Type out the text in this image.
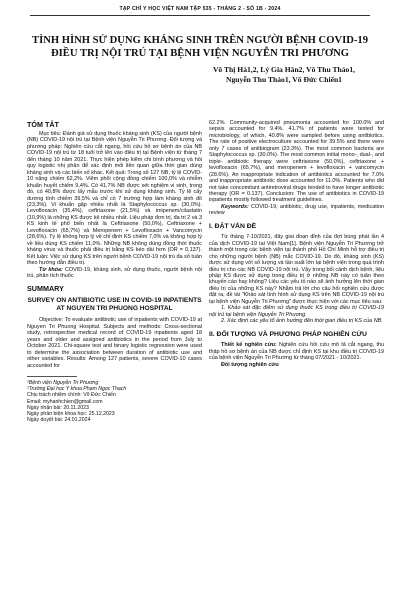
TẠP CHÍ Y HỌC VIỆT NAM TẬP 535 - THÁNG 2 - SỐ 1B - 2024
TÌNH HÌNH SỬ DỤNG KHÁNG SINH TRÊN NGƯỜI BỆNH COVID-19
ĐIỀU TRỊ NỘI TRÚ TẠI BỆNH VIỆN NGUYỄN TRI PHƯƠNG
Võ Thị Hà1,2, Lý Gia Hân2, Võ Thu Thảo1,
Nguyễn Thu Thảo1, Võ Đức Chiến1
TÓM TẮT

Mục tiêu: Đánh giá sử dụng thuốc kháng sinh (KS) của người bệnh (NB) COVID-19 nội trú tại Bệnh viện Nguyễn Tri Phương. Đối tượng và phương pháp: Nghiên cứu cắt ngang, hồi cứu hồ sơ bệnh án của NB COVID-19 nội trú từ 18 tuổi trở lên vào điều trị tại Bệnh viện từ tháng 7 đến tháng 10 năm 2021. Thực hiện phép kiểm chi bình phương và hồi quy logistic nhị phân để xác định mối liên quan giữa thời gian dùng kháng sinh và các biến số khác. Kết quả: Trong số 127 NB, tỷ lệ COVID-10 nặng chiếm 62,2%. Viêm phổi cộng đồng chiếm 100,0% và nhiễm khuẩn huyết chiếm 9,4%. Có 41,7% NB được xét nghiệm vi sinh, trong đó, có 40,8% được lấy mẫu trước khi sử dụng kháng sinh. Tỷ lệ cấy dương tính chiếm 39,5% và chỉ có 7 trường hợp làm kháng sinh đồ (23,3%). Vi khuẩn gặp nhiều nhất là Staphylococcus sp. (30,0%). Levofloxacin (35,4%), ceftriaxone (21,5%) và imipenem/cilastatin (10,9%) là những KS được kê nhiều nhất. Liệu pháp đơn trị, đa trị 2 và 3 KS kinh tế phổ biến nhất là Ceftriaxone (50,0%), Ceftriaxone + Levofloxacin (65,7%) và Meropenem + Levofloxacin + Vancomycin (28,6%). Tỷ lệ không hợp lý về chỉ định KS chiếm 7,0% và không hợp lý về liều dùng KS chiếm 11,0%. Những NB không dùng đồng thời thuốc kháng virus và thuốc phải điều trị bằng KS kéo dài hơn (OR = 0,137). Kết luận: Việc sử dụng KS trên người bệnh COVID-19 nội trú đa số tuân theo hướng dẫn điều trị.

Từ khóa: COVID-19, kháng sinh, sử dụng thuốc, người bệnh nội trú, phân tích thuốc

SUMMARY
SURVEY ON ANTIBIOTIC USE IN COVID-19 INPATIENTS AT NGUYEN TRI PHUONG HOSPITAL

Objective: To evaluate antibiotic use of inpatients with COVID-19 at Nguyen Tri Phuong Hospital. Subjects and methods: Cross-sectional study, retrospective medical record of COVID-19 inpatients aged 18 years and older and assigned antibiotics in the period from July to October 2021. Chi-square test and binary logistic regression were used to determine the association between duration of antibiotic use and other variables. Results: Among 127 patients, severe COVID-10 cases accounted for

¹Bệnh viện Nguyễn Tri Phương
²Trường Đại học Y khoa Phạm Ngọc Thạch
Chịu trách nhiệm chính: Võ Đức Chiến
Email: myhanhchien@gmail.com
Ngày nhận bài: 20.11.2023
Ngày phản biện khoa học: 25.12.2023
Ngày duyệt bài: 24.01.2024

62.2%. Community-acquired pneumonia accounted for 100.0% and sepsis accounted for 9.4%. 41.7% of patients were tested for microbiology, of which, 40.8% were sampled before using antibiotics. The rate of positive electroculture accounted for 39.5% and there were only 7 cases of antibiogram (23.3%). The most common bacteria are Staphylococcus sp. (30.0%). The most common initial mono-, dual-, and triple- antibiotic therapy were ceftriaxone (50.0%), ceftriaxone + levofloxacin (65.7%), and meropenem + levofloxacin + vancomycin (28.6%). An inappropriate indication of antibiotics accounted for 7.0% and inappropriate antibiotic dose accounted for 11.0%. Patients who did not take concomitant antiretroviral drugs tended to have longer antibiotic therapy (OR = 0.137). Conclusion: The use of antibiotics in COVID-19 inpatients mostly followed treatment guidelines.

Keywords: COVID-19, antibiotic, drug use, inpatients, medication review

I. ĐẶT VẤN ĐỀ

Từ tháng 7-10/2021, đây giai đoạn đỉnh của đợt bùng phát lần 4 của dịch COVID-19 tại Việt Nam[1]. Bệnh viện Nguyễn Tri Phương trở thành một trong các bệnh viện tại thành phố Hồ Chí Minh hỗ trợ điều trị cho những người bệnh (NB) mắc COVID-19. Do đó, kháng sinh (KS) được sử dụng với số lượng và tần suất lớn tại bệnh viện trong quá trình điều trị cho các NB COVID-19 nội trú. Vậy trong bối cảnh dịch bệnh, liệu pháp KS được sử dụng trong điều trị ở những NB này có tuân theo khuyến cáo hay không? Liệu các yếu tố nào sẽ ảnh hưởng lên thời gian điều trị của những KS này? Nhằm trả lời cho câu hỏi nghiên cứu được đặt ra, đề tài "Khảo sát tình hình sử dụng KS trên NB COVID-19 nội trú tại bệnh viện Nguyễn Tri Phương" được thực hiện với các mục tiêu sau:

1. Khảo sát đặc điểm sử dụng thuốc KS trong điều trị COVID-19 nội trú tại bệnh viện Nguyễn Tri Phương.

2. Xác định các yếu tố ảnh hưởng đến thời gian điều trị KS của NB.

II. ĐỐI TƯỢNG VÀ PHƯƠNG PHÁP NGHIÊN CỨU

Thiết kế nghiên cứu: Nghiên cứu hồi cứu mô tả cắt ngang, thu thập hồ sơ bệnh án của NB được chỉ định KS tại khu điều trị COVID-19 của bệnh viện Nguyễn Tri Phương từ tháng 07/2021 - 10/2021.

Đối tượng nghiên cứu
